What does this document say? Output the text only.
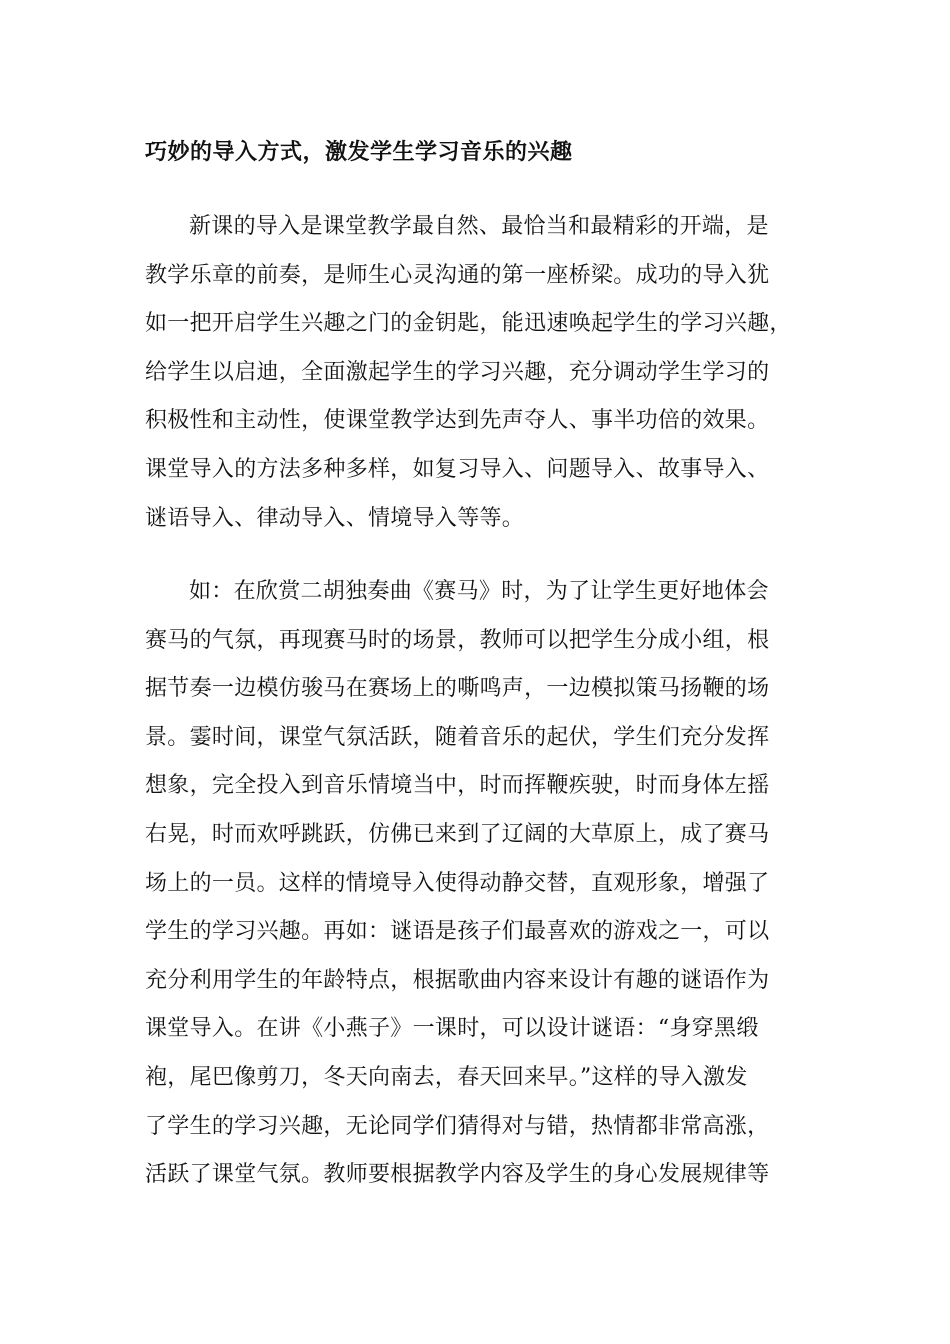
巧妙的导入方式，激发学生学习音乐的兴趣
新课的导入是课堂教学最自然、最恰当和最精彩的开端，是
教学乐章的前奏，是师生心灵沟通的第一座桥梁。成功的导入犹
如一把开启学生兴趣之门的金钥匙，能迅速唤起学生的学习兴趣，
给学生以启迪，全面激起学生的学习兴趣，充分调动学生学习的
积极性和主动性，使课堂教学达到先声夺人、事半功倍的效果。
课堂导入的方法多种多样，如复习导入、问题导入、故事导入、
谜语导入、律动导入、情境导入等等。
如：在欣赏二胡独奏曲《赛马》时，为了让学生更好地体会
赛马的气氛，再现赛马时的场景，教师可以把学生分成小组，根
据节奏一边模仿骏马在赛场上的嘶鸣声，一边模拟策马扬鞭的场
景。霎时间，课堂气氛活跃，随着音乐的起伏，学生们充分发挥
想象，完全投入到音乐情境当中，时而挥鞭疾驶，时而身体左摇
右晃，时而欢呼跳跃，仿佛已来到了辽阔的大草原上，成了赛马
场上的一员。这样的情境导入使得动静交替，直观形象，增强了
学生的学习兴趣。再如：谜语是孩子们最喜欢的游戏之一，可以
充分利用学生的年龄特点，根据歌曲内容来设计有趣的谜语作为
课堂导入。在讲《小燕子》一课时，可以设计谜语：“身穿黑缎
袍，尾巴像剪刀，冬天向南去，春天回来早。”这样的导入激发
了学生的学习兴趣，无论同学们猜得对与错，热情都非常高涨，
活跃了课堂气氛。教师要根据教学内容及学生的身心发展规律等
